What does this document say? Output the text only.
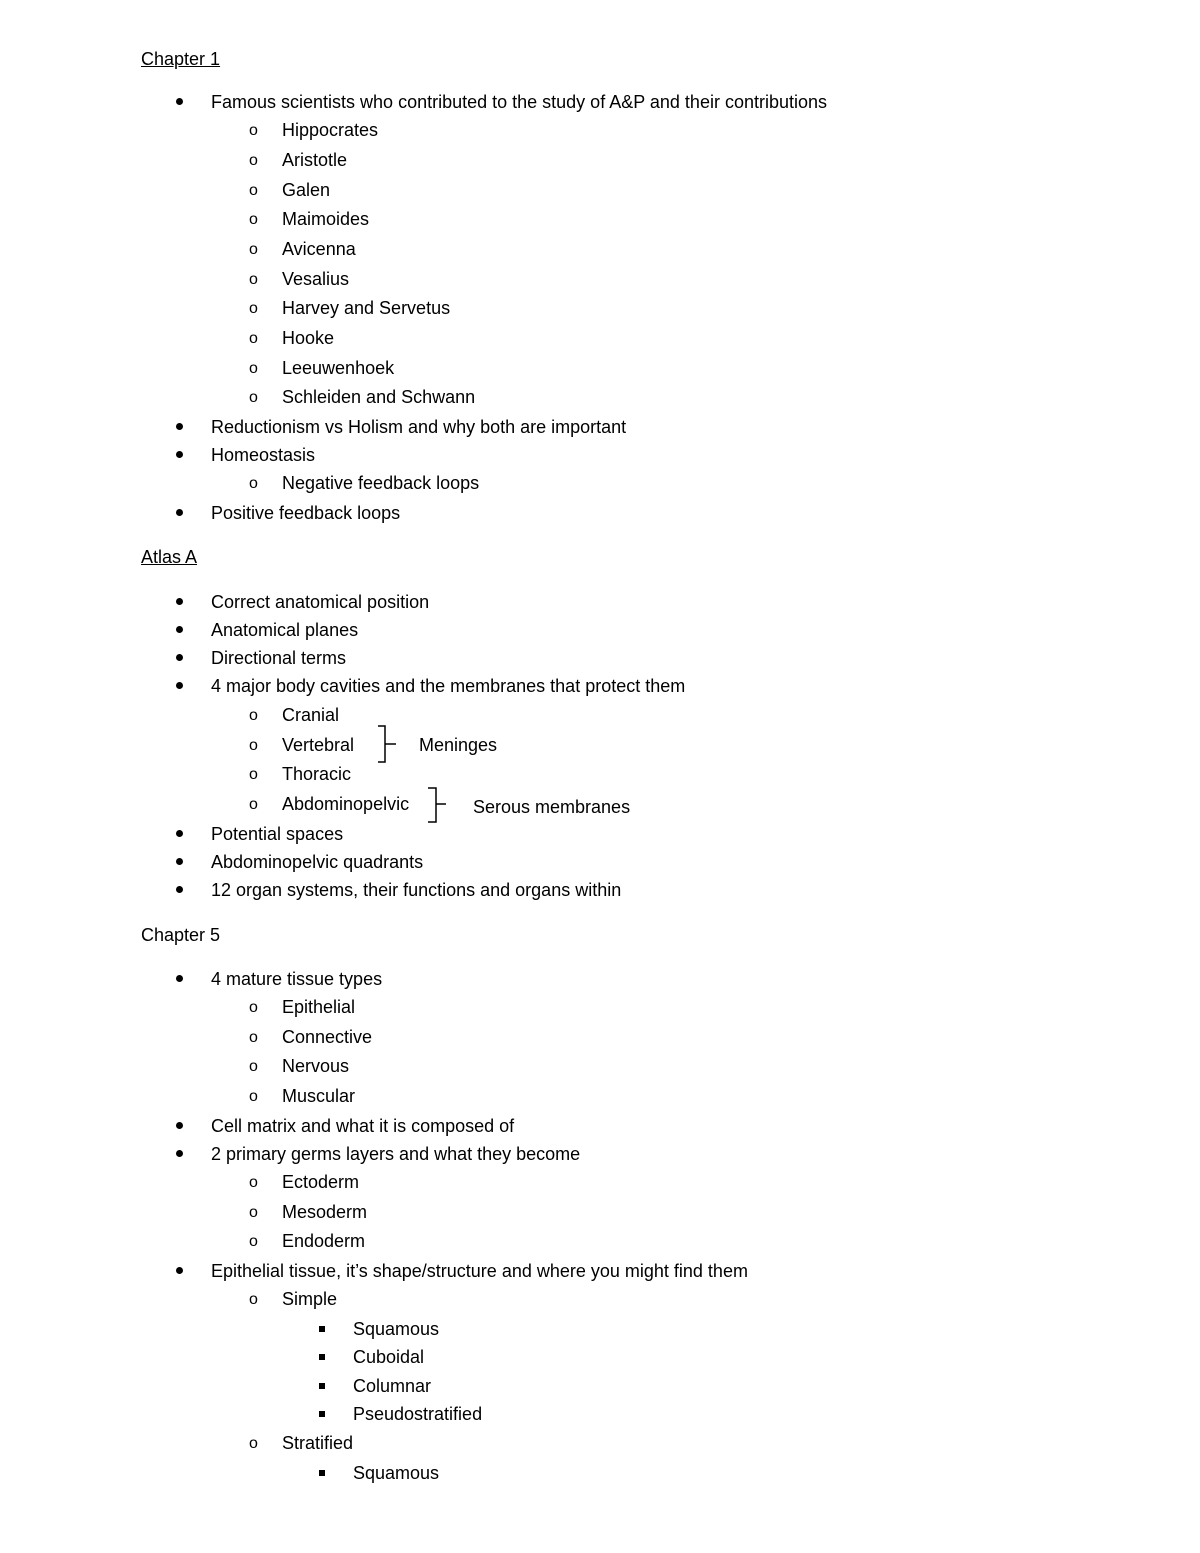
Chapter 1
Famous scientists who contributed to the study of A&P and their contributions
o Hippocrates
o Aristotle
o Galen
o Maimoides
o Avicenna
o Vesalius
o Harvey and Servetus
o Hooke
o Leeuwenhoek
o Schleiden and Schwann
Reductionism vs Holism and why both are important
Homeostasis
o Negative feedback loops
Positive feedback loops
Atlas A
Correct anatomical position
Anatomical planes
Directional terms
4 major body cavities and the membranes that protect them
o Cranial
o Vertebral
o Thoracic
o Abdominopelvic
Meninges
Serous membranes
Potential spaces
Abdominopelvic quadrants
12 organ systems, their functions and organs within
Chapter 5
4 mature tissue types
o Epithelial
o Connective
o Nervous
o Muscular
Cell matrix and what it is composed of
2 primary germs layers and what they become
o Ectoderm
o Mesoderm
o Endoderm
Epithelial tissue, it’s shape/structure and where you might find them
o Simple
Squamous
Cuboidal
Columnar
Pseudostratified
o Stratified
Squamous
